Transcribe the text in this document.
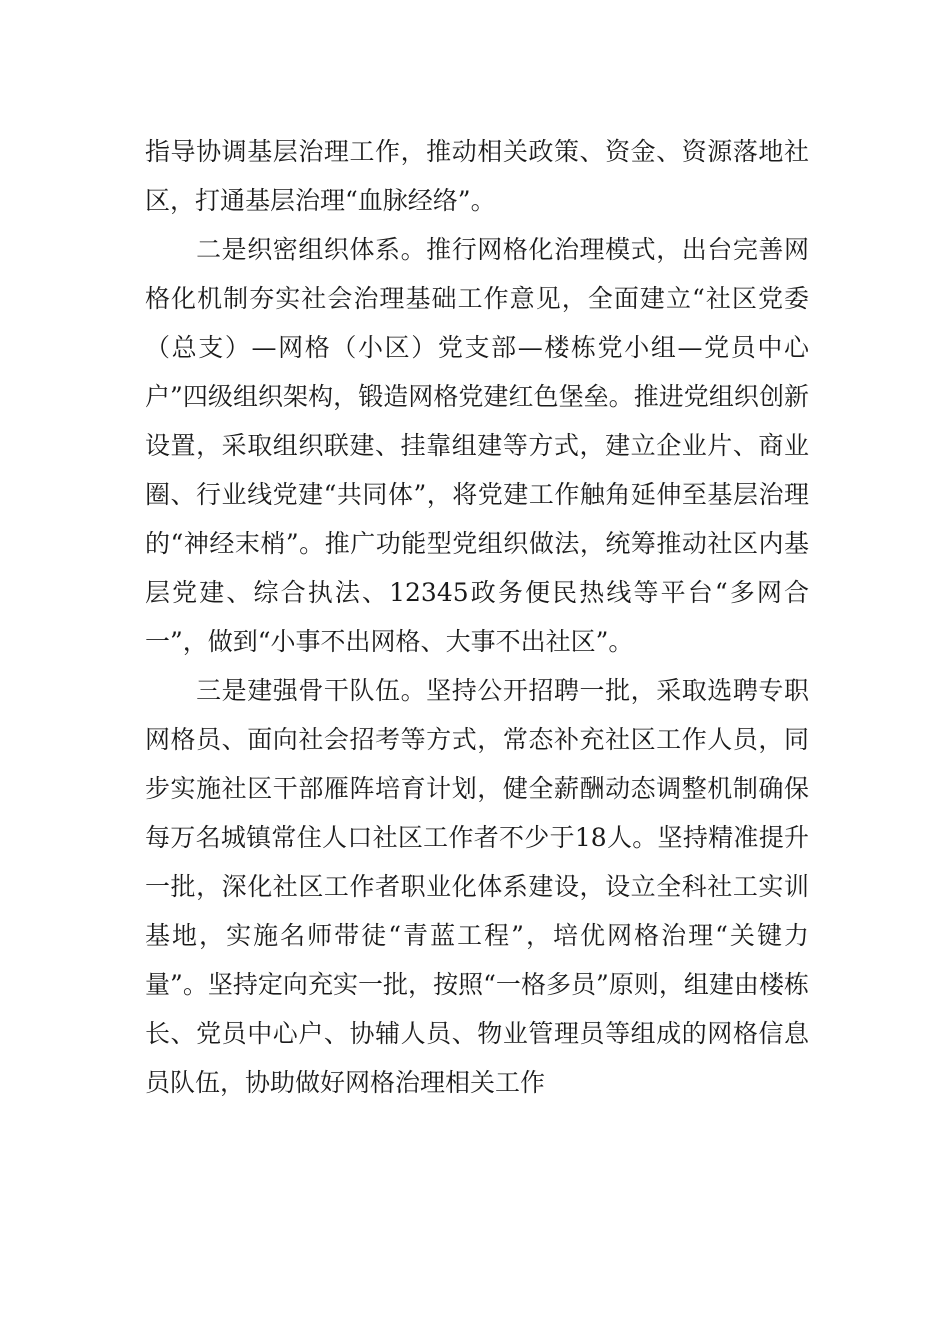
指导协调基层治理工作，推动相关政策、资金、资源落地社区，打通基层治理“血脉经络”。

　　二是织密组织体系。推行网格化治理模式，出台完善网格化机制夯实社会治理基础工作意见，全面建立“社区党委（总支）—网格（小区）党支部—楼栋党小组—党员中心户”四级组织架构，锻造网格党建红色堡垒。推进党组织创新设置，采取组织联建、挂靠组建等方式，建立企业片、商业圈、行业线党建“共同体”，将党建工作触角延伸至基层治理的“神经末梢”。推广功能型党组织做法，统筹推动社区内基层党建、综合执法、12345政务便民热线等平台“多网合一”，做到“小事不出网格、大事不出社区”。

　　三是建强骨干队伍。坚持公开招聘一批，采取选聘专职网格员、面向社会招考等方式，常态补充社区工作人员，同步实施社区干部雁阵培育计划，健全薪酬动态调整机制确保每万名城镇常住人口社区工作者不少于18人。坚持精准提升一批，深化社区工作者职业化体系建设，设立全科社工实训基地，实施名师带徒“青蓝工程”，培优网格治理“关键力量”。坚持定向充实一批，按照“一格多员”原则，组建由楼栋长、党员中心户、协辅人员、物业管理员等组成的网格信息员队伍，协助做好网格治理相关工作
